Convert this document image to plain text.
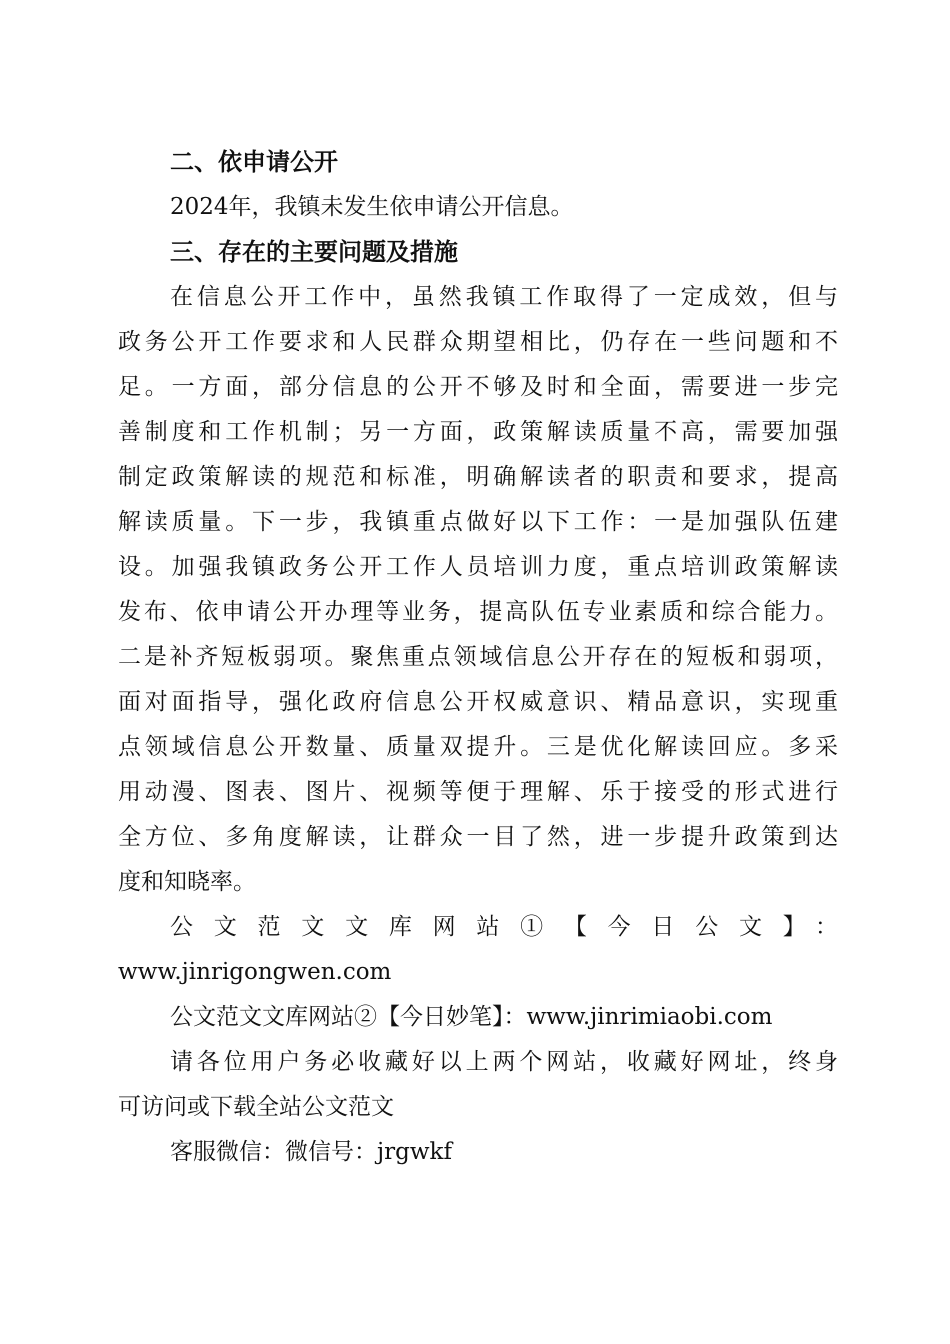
二、依申请公开
2024年，我镇未发生依申请公开信息。
三、存在的主要问题及措施
在信息公开工作中，虽然我镇工作取得了一定成效，但与
政务公开工作要求和人民群众期望相比，仍存在一些问题和不
足。一方面，部分信息的公开不够及时和全面，需要进一步完
善制度和工作机制；另一方面，政策解读质量不高，需要加强
制定政策解读的规范和标准，明确解读者的职责和要求，提高
解读质量。下一步，我镇重点做好以下工作：一是加强队伍建
设。加强我镇政务公开工作人员培训力度，重点培训政策解读
发布、依申请公开办理等业务，提高队伍专业素质和综合能力。
二是补齐短板弱项。聚焦重点领域信息公开存在的短板和弱项，
面对面指导，强化政府信息公开权威意识、精品意识，实现重
点领域信息公开数量、质量双提升。三是优化解读回应。多采
用动漫、图表、图片、视频等便于理解、乐于接受的形式进行
全方位、多角度解读，让群众一目了然，进一步提升政策到达
度和知晓率。
公文范文文库网站①【今日公文】：
www.jinrigongwen.com
公文范文文库网站②【今日妙笔】：www.jinrimiaobi.com
请各位用户务必收藏好以上两个网站，收藏好网址，终身
可访问或下载全站公文范文
客服微信：微信号：jrgwkf
